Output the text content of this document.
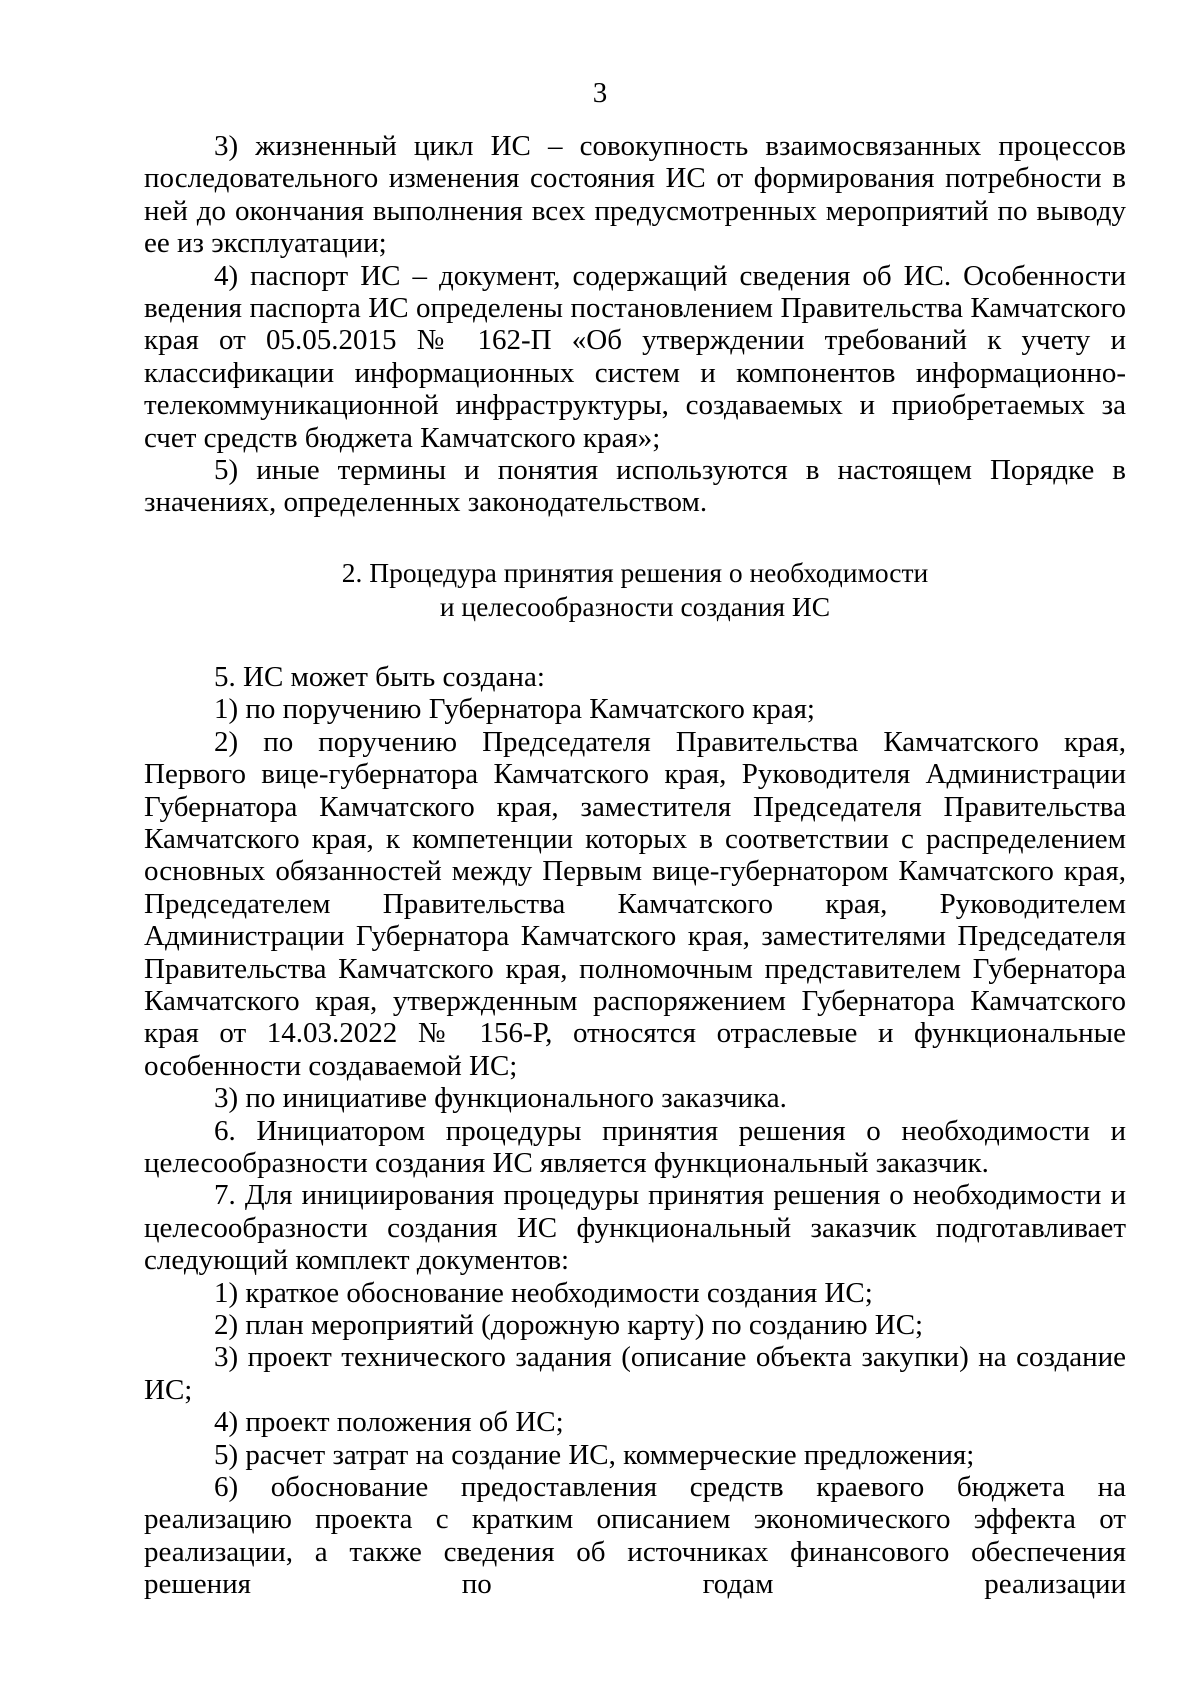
3

3) жизненный цикл ИС – совокупность взаимосвязанных процессов последовательного изменения состояния ИС от формирования потребности в ней до окончания выполнения всех предусмотренных мероприятий по выводу ее из эксплуатации;

4) паспорт ИС – документ, содержащий сведения об ИС. Особенности ведения паспорта ИС определены постановлением Правительства Камчатского края от 05.05.2015 № 162-П «Об утверждении требований к учету и классификации информационных систем и компонентов информационно-телекоммуникационной инфраструктуры, создаваемых и приобретаемых за счет средств бюджета Камчатского края»;

5) иные термины и понятия используются в настоящем Порядке в значениях, определенных законодательством.

2. Процедура принятия решения о необходимости
и целесообразности создания ИС

5. ИС может быть создана:

1) по поручению Губернатора Камчатского края;

2) по поручению Председателя Правительства Камчатского края, Первого вице-губернатора Камчатского края, Руководителя Администрации Губернатора Камчатского края, заместителя Председателя Правительства Камчатского края, к компетенции которых в соответствии с распределением основных обязанностей между Первым вице-губернатором Камчатского края, Председателем Правительства Камчатского края, Руководителем Администрации Губернатора Камчатского края, заместителями Председателя Правительства Камчатского края, полномочным представителем Губернатора Камчатского края, утвержденным распоряжением Губернатора Камчатского края от 14.03.2022 № 156-Р, относятся отраслевые и функциональные особенности создаваемой ИС;

3) по инициативе функционального заказчика.

6. Инициатором процедуры принятия решения о необходимости и целесообразности создания ИС является функциональный заказчик.

7. Для инициирования процедуры принятия решения о необходимости и целесообразности создания ИС функциональный заказчик подготавливает следующий комплект документов:

1) краткое обоснование необходимости создания ИС;

2) план мероприятий (дорожную карту) по созданию ИС;

3) проект технического задания (описание объекта закупки) на создание ИС;

4) проект положения об ИС;

5) расчет затрат на создание ИС, коммерческие предложения;

6) обоснование предоставления средств краевого бюджета на реализацию проекта с кратким описанием экономического эффекта от реализации, а также сведения об источниках финансового обеспечения решения по годам реализации
